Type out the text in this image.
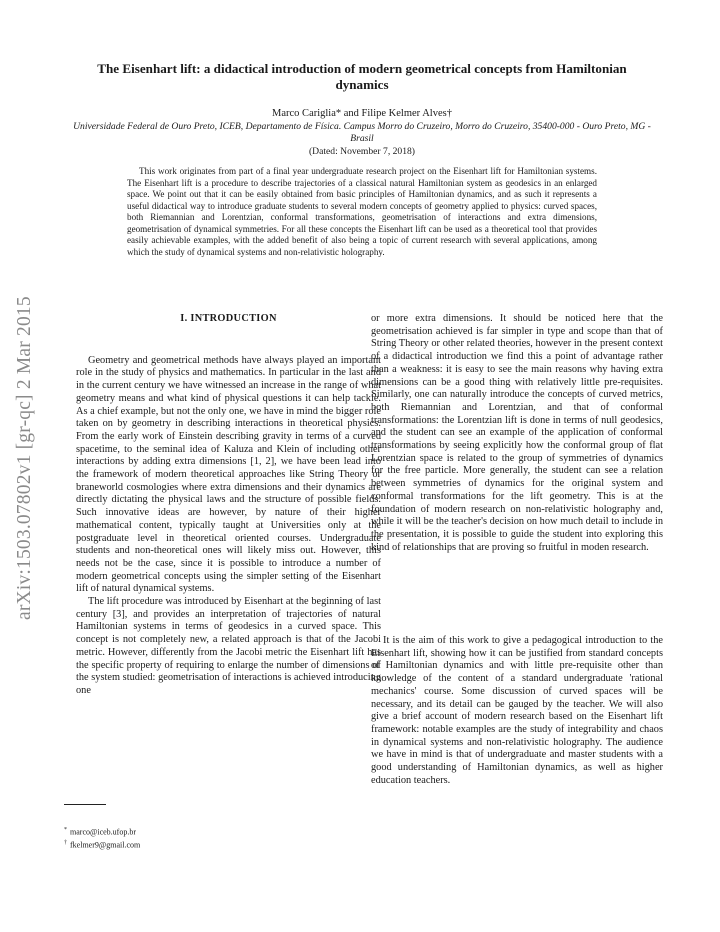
arXiv:1503.07802v1 [gr-qc] 2 Mar 2015
The Eisenhart lift: a didactical introduction of modern geometrical concepts from Hamiltonian dynamics
Marco Cariglia* and Filipe Kelmer Alves†
Universidade Federal de Ouro Preto, ICEB, Departamento de Física. Campus Morro do Cruzeiro, Morro do Cruzeiro, 35400-000 - Ouro Preto, MG - Brasil
(Dated: November 7, 2018)
This work originates from part of a final year undergraduate research project on the Eisenhart lift for Hamiltonian systems. The Eisenhart lift is a procedure to describe trajectories of a classical natural Hamiltonian system as geodesics in an enlarged space. We point out that it can be easily obtained from basic principles of Hamiltonian dynamics, and as such it represents a useful didactical way to introduce graduate students to several modern concepts of geometry applied to physics: curved spaces, both Riemannian and Lorentzian, conformal transformations, geometrisation of interactions and extra dimensions, geometrisation of dynamical symmetries. For all these concepts the Eisenhart lift can be used as a theoretical tool that provides easily achievable examples, with the added benefit of also being a topic of current research with several applications, among which the study of dynamical systems and non-relativistic holography.

I. INTRODUCTION

Geometry and geometrical methods have always played an important role in the study of physics and mathematics. In particular in the last and in the current century we have witnessed an increase in the range of what geometry means and what kind of physical questions it can help tackle. As a chief example, but not the only one, we have in mind the bigger role taken on by geometry in describing interactions in theoretical physics. From the early work of Einstein describing gravity in terms of a curved spacetime, to the seminal idea of Kaluza and Klein of including other interactions by adding extra dimensions [1, 2], we have been lead into the framework of modern theoretical approaches like String Theory or braneworld cosmologies where extra dimensions and their dynamics are directly dictating the physical laws and the structure of possible fields. Such innovative ideas are however, by nature of their higher mathematical content, typically taught at Universities only at the postgraduate level in theoretical oriented courses. Undergraduate students and non-theoretical ones will likely miss out. However, this needs not be the case, since it is possible to introduce a number of modern geometrical concepts using the simpler setting of the Eisenhart lift of natural dynamical systems.

The lift procedure was introduced by Eisenhart at the beginning of last century [3], and provides an interpretation of trajectories of natural Hamiltonian systems in terms of geodesics in a curved space. This concept is not completely new, a related approach is that of the Jacobi metric. However, differently from the Jacobi metric the Eisenhart lift has the specific property of requiring to enlarge the number of dimensions of the system studied: geometrisation of interactions is achieved introducing one

or more extra dimensions. It should be noticed here that the geometrisation achieved is far simpler in type and scope than that of String Theory or other related theories, however in the present context of a didactical introduction we find this a point of advantage rather than a weakness: it is easy to see the main reasons why having extra dimensions can be a good thing with relatively little pre-requisites. Similarly, one can naturally introduce the concepts of curved metrics, both Riemannian and Lorentzian, and that of conformal transformations: the Lorentzian lift is done in terms of null geodesics, and the student can see an example of the application of conformal transformations by seeing explicitly how the conformal group of flat Lorentzian space is related to the group of symmetries of dynamics for the free particle. More generally, the student can see a relation between symmetries of dynamics for the original system and conformal transformations for the lift geometry. This is at the foundation of modern research on non-relativistic holography and, while it will be the teacher's decision on how much detail to include in the presentation, it is possible to guide the student into exploring this kind of relationships that are proving so fruitful in moden research.

It is the aim of this work to give a pedagogical introduction to the Eisenhart lift, showing how it can be justified from standard concepts of Hamiltonian dynamics and with little pre-requisite other than knowledge of the content of a standard undergraduate 'rational mechanics' course. Some discussion of curved spaces will be necessary, and its detail can be gauged by the teacher. We will also give a brief account of modern research based on the Eisenhart lift framework: notable examples are the study of integrability and chaos in dynamical systems and non-relativistic holography. The audience we have in mind is that of undergraduate and master students with a good understanding of Hamiltonian dynamics, as well as higher education teachers.

* marco@iceb.ufop.br
† fkelmer9@gmail.com
